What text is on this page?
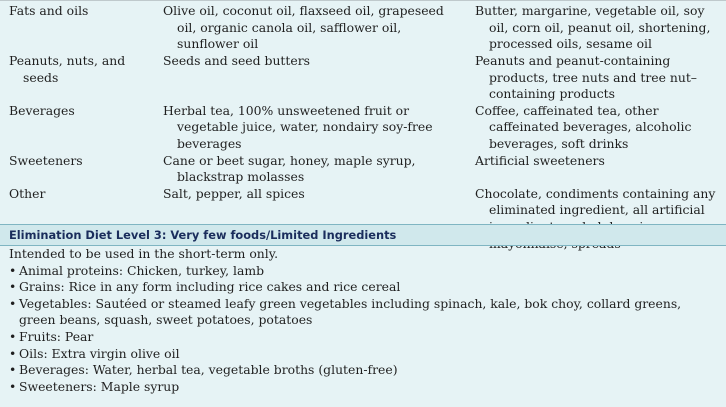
Fats and oils	Olive oil, coconut oil, flaxseed oil, grapeseed oil, organic canola oil, safflower oil, sunflower oil	Butter, margarine, vegetable oil, soy oil, corn oil, peanut oil, shortening, processed oils, sesame oil

Peanuts, nuts, and seeds	Seeds and seed butters	Peanuts and peanut-containing products, tree nuts and tree nut–containing products

Beverages	Herbal tea, 100% unsweetened fruit or vegetable juice, water, nondairy soy-free beverages	Coffee, caffeinated tea, other caffeinated beverages, alcoholic beverages, soft drinks

Sweeteners	Cane or beet sugar, honey, maple syrup, blackstrap molasses	Artificial sweeteners

Other	Salt, pepper, all spices	Chocolate, condiments containing any eliminated ingredient, all artificial
Elimination Diet Level 3: Very few foods/Limited Ingredients

Intended to be used in the short-term only.

• Animal proteins: Chicken, turkey, lamb
• Grains: Rice in any form including rice cakes and rice cereal
• Vegetables: Sautéed or steamed leafy green vegetables including spinach, kale, bok choy, collard greens, green beans, squash, sweet potatoes, potatoes
• Fruits: Pear
• Oils: Extra virgin olive oil
• Beverages: Water, herbal tea, vegetable broths (gluten-free)
• Sweeteners: Maple syrup
